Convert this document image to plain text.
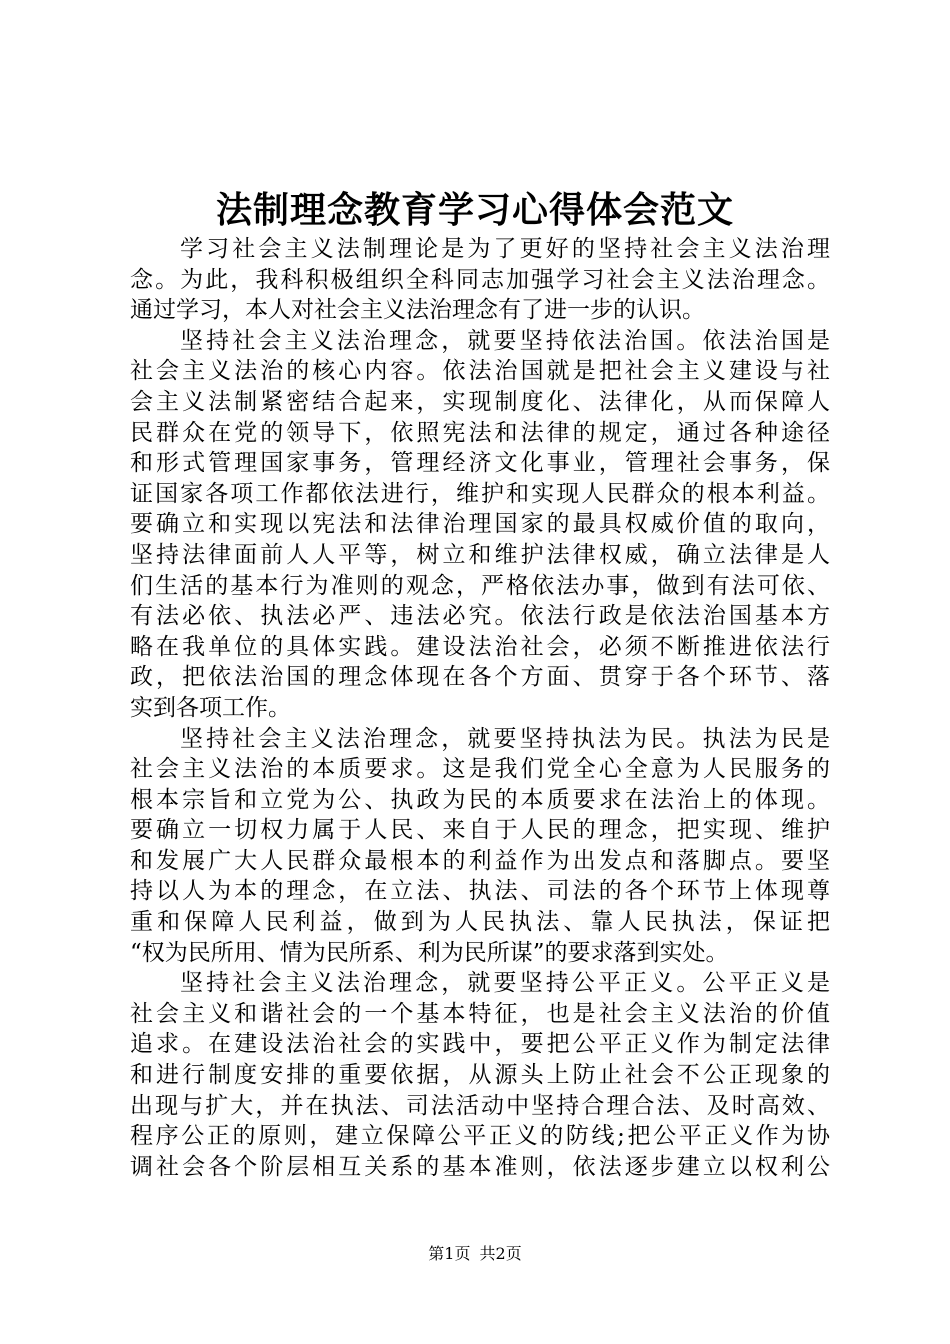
法制理念教育学习心得体会范文
学习社会主义法制理论是为了更好的坚持社会主义法治理
念。为此，我科积极组织全科同志加强学习社会主义法治理念。
通过学习，本人对社会主义法治理念有了进一步的认识。
坚持社会主义法治理念，就要坚持依法治国。依法治国是
社会主义法治的核心内容。依法治国就是把社会主义建设与社
会主义法制紧密结合起来，实现制度化、法律化，从而保障人
民群众在党的领导下，依照宪法和法律的规定，通过各种途径
和形式管理国家事务，管理经济文化事业，管理社会事务，保
证国家各项工作都依法进行，维护和实现人民群众的根本利益。
要确立和实现以宪法和法律治理国家的最具权威价值的取向，
坚持法律面前人人平等，树立和维护法律权威，确立法律是人
们生活的基本行为准则的观念，严格依法办事，做到有法可依、
有法必依、执法必严、违法必究。依法行政是依法治国基本方
略在我单位的具体实践。建设法治社会，必须不断推进依法行
政，把依法治国的理念体现在各个方面、贯穿于各个环节、落
实到各项工作。
坚持社会主义法治理念，就要坚持执法为民。执法为民是
社会主义法治的本质要求。这是我们党全心全意为人民服务的
根本宗旨和立党为公、执政为民的本质要求在法治上的体现。
要确立一切权力属于人民、来自于人民的理念，把实现、维护
和发展广大人民群众最根本的利益作为出发点和落脚点。要坚
持以人为本的理念，在立法、执法、司法的各个环节上体现尊
重和保障人民利益，做到为人民执法、靠人民执法，保证把
“权为民所用、情为民所系、利为民所谋”的要求落到实处。
坚持社会主义法治理念，就要坚持公平正义。公平正义是
社会主义和谐社会的一个基本特征，也是社会主义法治的价值
追求。在建设法治社会的实践中，要把公平正义作为制定法律
和进行制度安排的重要依据，从源头上防止社会不公正现象的
出现与扩大，并在执法、司法活动中坚持合理合法、及时高效、
程序公正的原则，建立保障公平正义的防线;把公平正义作为协
调社会各个阶层相互关系的基本准则，依法逐步建立以权利公
第1页 共2页
